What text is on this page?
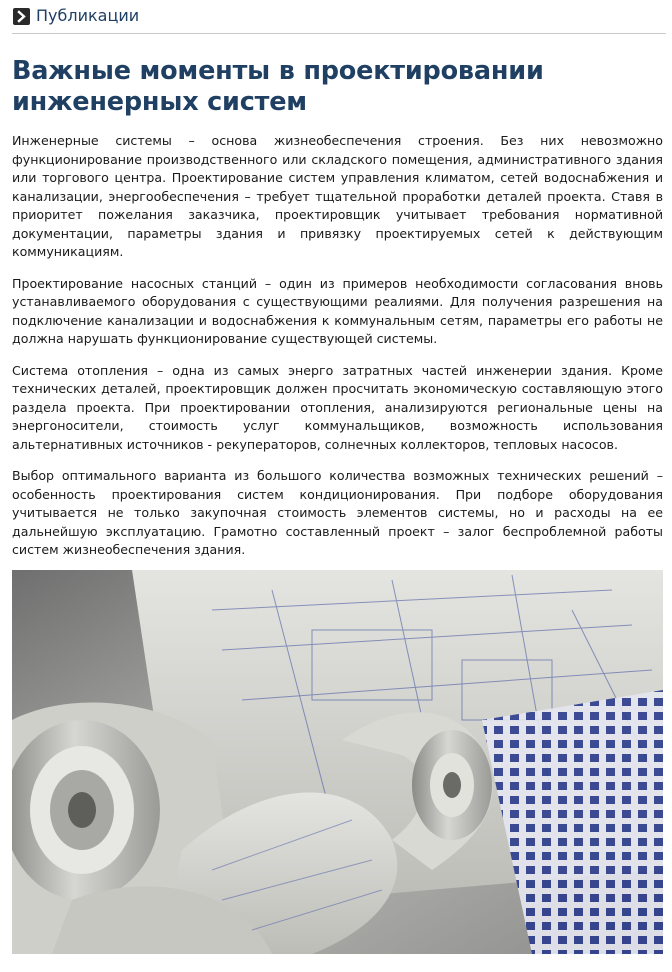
Публикации
Важные моменты в проектировании инженерных систем

Инженерные системы – основа жизнеобеспечения строения. Без них невозможно функционирование производственного или складского помещения, административного здания или торгового центра. Проектирование систем управления климатом, сетей водоснабжения и канализации, энергообеспечения – требует тщательной проработки деталей проекта. Ставя в приоритет пожелания заказчика, проектировщик учитывает требования нормативной документации, параметры здания и привязку проектируемых сетей к действующим коммуникациям.

Проектирование насосных станций – один из примеров необходимости согласования вновь устанавливаемого оборудования с существующими реалиями. Для получения разрешения на подключение канализации и водоснабжения к коммунальным сетям, параметры его работы не должна нарушать функционирование существующей системы.

Система отопления – одна из самых энерго затратных частей инженерии здания. Кроме технических деталей, проектировщик должен просчитать экономическую составляющую этого раздела проекта. При проектировании отопления, анализируются региональные цены на энергоносители, стоимость услуг коммунальщиков, возможность использования альтернативных источников - рекуператоров, солнечных коллекторов, тепловых насосов.

Выбор оптимального варианта из большого количества возможных технических решений – особенность проектирования систем кондиционирования. При подборе оборудования учитывается не только закупочная стоимость элементов системы, но и расходы на ее дальнейшую эксплуатацию. Грамотно составленный проект – залог беспроблемной работы систем жизнеобеспечения здания.
